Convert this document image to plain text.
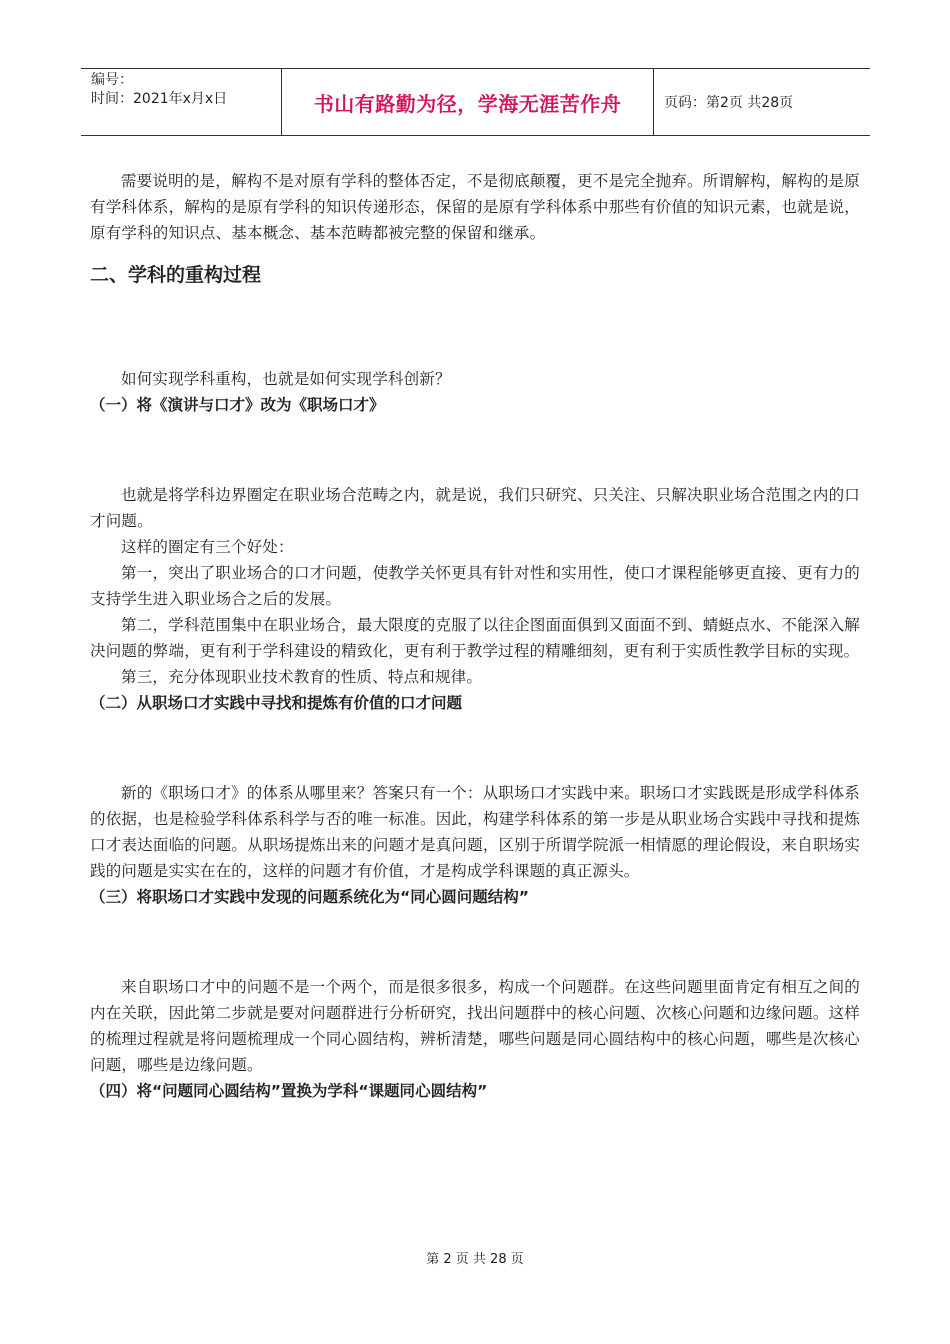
编号：
时间：2021年x月x日	书山有路勤为径，学海无涯苦作舟	页码：第2页 共28页

需要说明的是，解构不是对原有学科的整体否定，不是彻底颠覆，更不是完全抛弃。所谓解构，解构的是原有学科体系，解构的是原有学科的知识传递形态，保留的是原有学科体系中那些有价值的知识元素，也就是说，原有学科的知识点、基本概念、基本范畴都被完整的保留和继承。

二、学科的重构过程

如何实现学科重构，也就是如何实现学科创新？

（一）将《演讲与口才》改为《职场口才》

也就是将学科边界圈定在职业场合范畴之内，就是说，我们只研究、只关注、只解决职业场合范围之内的口才问题。

这样的圈定有三个好处：

第一，突出了职业场合的口才问题，使教学关怀更具有针对性和实用性，使口才课程能够更直接、更有力的支持学生进入职业场合之后的发展。

第二，学科范围集中在职业场合，最大限度的克服了以往企图面面俱到又面面不到、蜻蜓点水、不能深入解决问题的弊端，更有利于学科建设的精致化，更有利于教学过程的精雕细刻，更有利于实质性教学目标的实现。

第三，充分体现职业技术教育的性质、特点和规律。

（二）从职场口才实践中寻找和提炼有价值的口才问题

新的《职场口才》的体系从哪里来？答案只有一个：从职场口才实践中来。职场口才实践既是形成学科体系的依据，也是检验学科体系科学与否的唯一标准。因此，构建学科体系的第一步是从职业场合实践中寻找和提炼口才表达面临的问题。从职场提炼出来的问题才是真问题，区别于所谓学院派一相情愿的理论假设，来自职场实践的问题是实实在在的，这样的问题才有价值，才是构成学科课题的真正源头。

（三）将职场口才实践中发现的问题系统化为“同心圆问题结构”

来自职场口才中的问题不是一个两个，而是很多很多，构成一个问题群。在这些问题里面肯定有相互之间的内在关联，因此第二步就是要对问题群进行分析研究，找出问题群中的核心问题、次核心问题和边缘问题。这样的梳理过程就是将问题梳理成一个同心圆结构，辨析清楚，哪些问题是同心圆结构中的核心问题，哪些是次核心问题，哪些是边缘问题。

（四）将“问题同心圆结构”置换为学科“课题同心圆结构”
第 2 页 共 28 页
